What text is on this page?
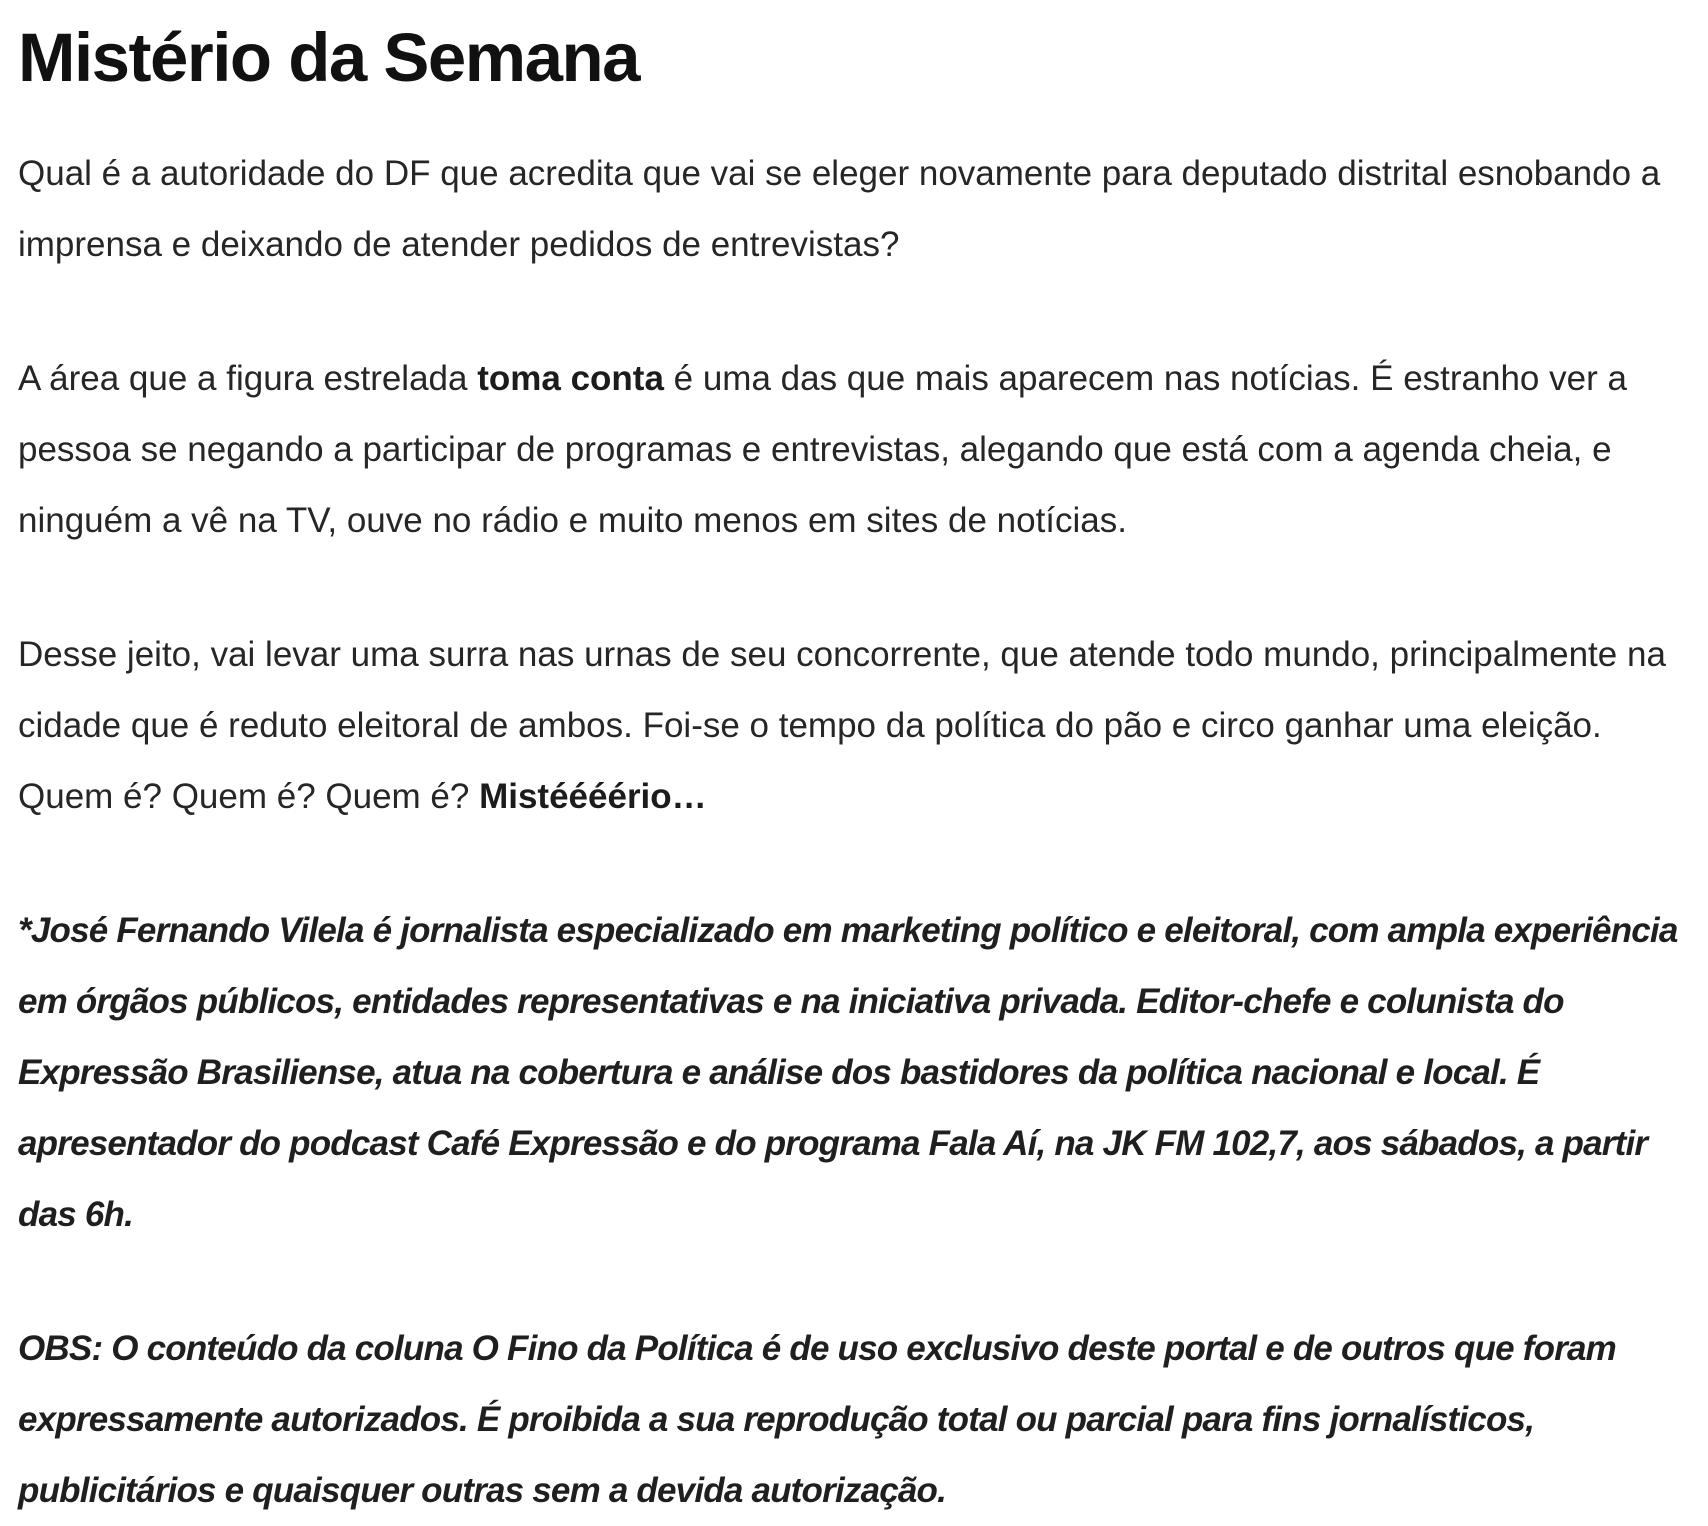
Mistério da Semana

Qual é a autoridade do DF que acredita que vai se eleger novamente para deputado distrital esnobando a imprensa e deixando de atender pedidos de entrevistas?

A área que a figura estrelada toma conta é uma das que mais aparecem nas notícias. É estranho ver a pessoa se negando a participar de programas e entrevistas, alegando que está com a agenda cheia, e ninguém a vê na TV, ouve no rádio e muito menos em sites de notícias.

Desse jeito, vai levar uma surra nas urnas de seu concorrente, que atende todo mundo, principalmente na cidade que é reduto eleitoral de ambos. Foi-se o tempo da política do pão e circo ganhar uma eleição. Quem é? Quem é? Quem é? Mistéééério…

*José Fernando Vilela é jornalista especializado em marketing político e eleitoral, com ampla experiência em órgãos públicos, entidades representativas e na iniciativa privada. Editor-chefe e colunista do Expressão Brasiliense, atua na cobertura e análise dos bastidores da política nacional e local. É apresentador do podcast Café Expressão e do programa Fala Aí, na JK FM 102,7, aos sábados, a partir das 6h.

OBS: O conteúdo da coluna O Fino da Política é de uso exclusivo deste portal e de outros que foram expressamente autorizados. É proibida a sua reprodução total ou parcial para fins jornalísticos, publicitários e quaisquer outras sem a devida autorização.
